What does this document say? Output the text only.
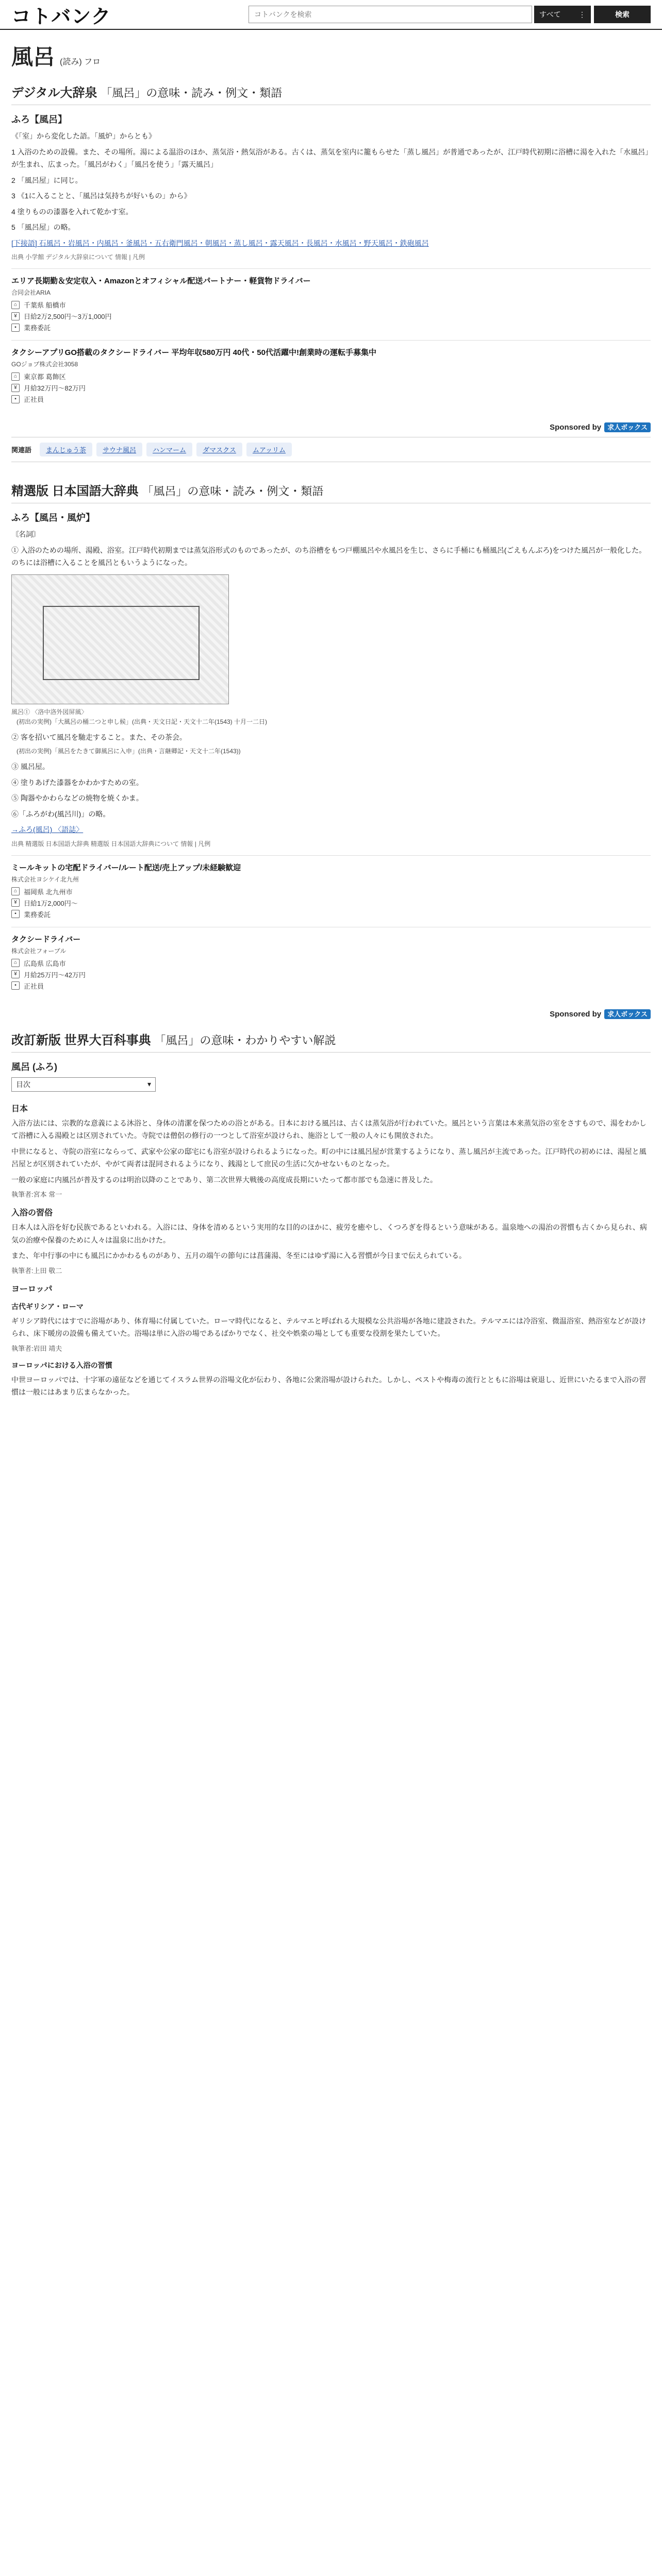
コトバンク
コトバンクを検索	すべて ⋮	検索
風呂 (読み) フロ
デジタル大辞泉 「風呂」の意味・読み・例文・類語
ふろ【風呂】

《「室」から変化した語。「風炉」からとも》

1 入浴のための設備。また、その場所。湯による温浴のほか、蒸気浴・熱気浴がある。古くは、蒸気を室内に籠もらせた「蒸し風呂」が普通であったが、江戸時代初期に浴槽に湯を入れた「水風呂」が生まれ、広まった。「風呂がわく」「風呂を使う」「露天風呂」

2 「風呂屋」に同じ。

3 《1に入ることと、「風呂は気持ちが好いもの」から》

4 塗りものの漆器を入れて乾かす室。

5 「風呂屋」の略。

[下接語] 石風呂・岩風呂・内風呂・釜風呂・五右衛門風呂・朝風呂・蒸し風呂・露天風呂・長風呂・水風呂・野天風呂・鉄砲風呂

出典 小学館 デジタル大辞泉について 情報 | 凡例
エリア長期勤＆安定収入・Amazonとオフィシャル配送パートナー・軽貨物ドライバー
合同会社ARIA
⌂ 千葉県 船橋市
¥	日給2万2,500円〜3万1,000円
▪	業務委託
タクシーアプリGO搭載のタクシードライバー 平均年収580万円 40代・50代活躍中!創業時の運転手募集中
GOジョブ株式会社3058
⌂ 東京都 葛飾区
¥	月給32万円〜82万円
▪	正社員
Sponsored by 求人ボックス
関連語	まんじゅう茶	サウナ風呂	ハンマーム	ダマスクス	ムアッリム
精選版 日本国語大辞典 「風呂」の意味・読み・例文・類語
ふろ【風呂・風炉】

〘名詞〙

① 入浴のための場所、湯殿、浴室。江戸時代初期までは蒸気浴形式のものであったが、のち浴槽をもつ戸棚風呂や水風呂を生じ、さらに手桶にも桶風呂(ごえもんぶろ)をつけた風呂が一般化した。のちには浴槽に入ることを風呂ともいうようになった。

風呂① 〈洛中洛外図屏風〉
(初出の実例)「大風呂の桶二つと申し候」(出典・天文日記・天文十二年(1543) 十月一二日)

② 客を招いて風呂を馳走すること。また、その茶会。

(初出の実例)「風呂をたきて御風呂に入申」(出典・言継卿記・天文十二年(1543))

③ 風呂屋。

④ 塗りあげた漆器をかわかすための室。

⑤ 陶器やかわらなどの焼物を焼くかま。

⑥「ふろがわ(風呂川)」の略。

→ふろ(風呂) 〈語誌〉

出典 精選版 日本国語大辞典 精選版 日本国語大辞典について 情報 | 凡例
ミールキットの宅配ドライバー/ルート配送/売上アップ/未経験歓迎
株式会社ヨシケイ北九州
⌂ 福岡県 北九州市
¥	日給1万2,000円〜
▪	業務委託
タクシードライバー
株式会社フォーブル
⌂ 広島県 広島市
¥	月給25万円〜42万円
▪	正社員
Sponsored by 求人ボックス
改訂新版 世界大百科事典 「風呂」の意味・わかりやすい解説
風呂 (ふろ)
目次	▾
日本

入浴方法には、宗教的な意義による沐浴と、身体の清潔を保つための浴とがある。日本における風呂は、古くは蒸気浴が行われていた。風呂という言葉は本来蒸気浴の室をさすもので、湯をわかして浴槽に入る湯殿とは区別されていた。寺院では僧侶の修行の一つとして浴室が設けられ、施浴として一般の人々にも開放された。

中世になると、寺院の浴室にならって、武家や公家の邸宅にも浴室が設けられるようになった。町の中には風呂屋が営業するようになり、蒸し風呂が主流であった。江戸時代の初めには、湯屋と風呂屋とが区別されていたが、やがて両者は混同されるようになり、銭湯として庶民の生活に欠かせないものとなった。

一般の家庭に内風呂が普及するのは明治以降のことであり、第二次世界大戦後の高度成長期にいたって都市部でも急速に普及した。

執筆者:宮本 常一
入浴の習俗

日本人は入浴を好む民族であるといわれる。入浴には、身体を清めるという実用的な目的のほかに、疲労を癒やし、くつろぎを得るという意味がある。温泉地への湯治の習慣も古くから見られ、病気の治療や保養のために人々は温泉に出かけた。

また、年中行事の中にも風呂にかかわるものがあり、五月の端午の節句には菖蒲湯、冬至にはゆず湯に入る習慣が今日まで伝えられている。

執筆者:上田 敬二
ヨーロッパ
古代ギリシア・ローマ

ギリシア時代にはすでに浴場があり、体育場に付属していた。ローマ時代になると、テルマエと呼ばれる大規模な公共浴場が各地に建設された。テルマエには冷浴室、微温浴室、熱浴室などが設けられ、床下暖房の設備も備えていた。浴場は単に入浴の場であるばかりでなく、社交や娯楽の場としても重要な役割を果たしていた。

執筆者:岩田 靖夫
ヨーロッパにおける入浴の習慣

中世ヨーロッパでは、十字軍の遠征などを通じてイスラム世界の浴場文化が伝わり、各地に公衆浴場が設けられた。しかし、ペストや梅毒の流行とともに浴場は衰退し、近世にいたるまで入浴の習慣は一般にはあまり広まらなかった。
